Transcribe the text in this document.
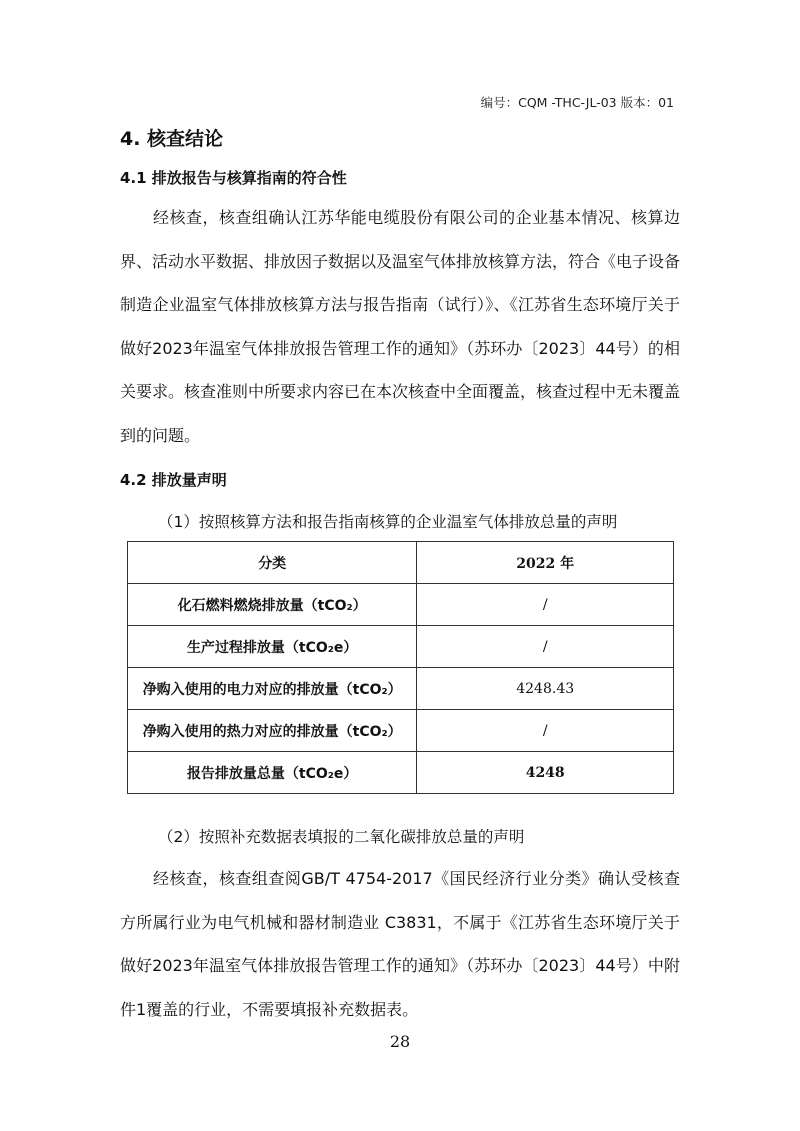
编号：CQM -THC-JL-03 版本：01
4. 核查结论
4.1 排放报告与核算指南的符合性

经核查，核查组确认江苏华能电缆股份有限公司的企业基本情况、核算边界、活动水平数据、排放因子数据以及温室气体排放核算方法，符合《电子设备制造企业温室气体排放核算方法与报告指南（试行）》、《江苏省生态环境厅关于做好2023年温室气体排放报告管理工作的通知》（苏环办〔2023〕44号）的相关要求。核查准则中所要求内容已在本次核查中全面覆盖，核查过程中无未覆盖到的问题。

4.2 排放量声明
（1）按照核算方法和报告指南核算的企业温室气体排放总量的声明
分类	2022 年
化石燃料燃烧排放量（tCO₂）	/
生产过程排放量（tCO₂e）	/
净购入使用的电力对应的排放量（tCO₂）	4248.43
净购入使用的热力对应的排放量（tCO₂）	/
报告排放量总量（tCO₂e）	4248
（2）按照补充数据表填报的二氧化碳排放总量的声明

经核查，核查组查阅GB/T 4754-2017《国民经济行业分类》确认受核查方所属行业为电气机械和器材制造业 C3831，不属于《江苏省生态环境厅关于做好2023年温室气体排放报告管理工作的通知》（苏环办〔2023〕44号）中附件1覆盖的行业，不需要填报补充数据表。

28
